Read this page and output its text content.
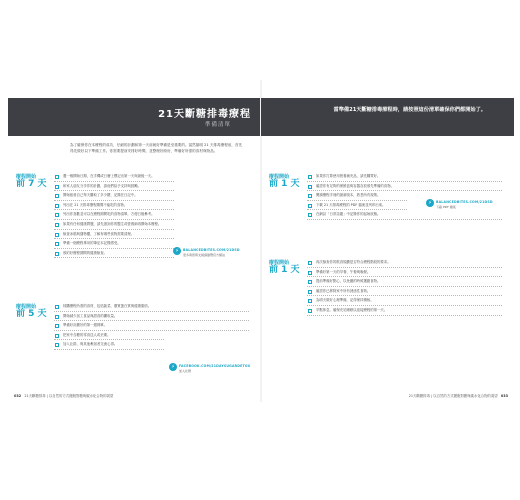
21天斷糖排毒療程
準備清單
為了確保你在本療程的成功，仔細的計劃和第一天前就好準備是至重要的。當然搞明 21 天排毒療程前，首先得先做好以下準備工作。你需要提前安排好時間，並整理好廚房，準備好所需的食材與物品。
療程開始
前 7 天
選一個開始日期，在手機或日曆上標記出第一天與最後一天。
和家人朋友分享你的計劃，請他們給予支持與鼓勵。
開始留意自己每天攝取了多少糖，記錄在日記中。
列出在 21 天排毒療程期間不能吃的食物。
列出你喜歡並可以在療程期間吃的食物清單，方便日後參考。
如果有任何健康問題，請先諮詢你的醫生或營養師再開始本療程。
檢查冰箱與儲物櫃，了解有哪些食物需要清理。
準備一個療程專用的筆記本記錄感受。
預約好療程期間的健康檢查。	⚡	BALANCEDBITES.COM/21DSD
更多資訊與支援請瀏覽官方網站
療程開始
前 5 天
採購療程所需的食材，包括蔬菜、優質蛋白質與健康脂肪。
開始減少加工食品與甜食的攝取量。
準備好計劃好的第一週餐單。
把家中含糖的零食送人或丟棄。
加入社群，與其他參加者交流心得。
⚡	FACEBOOK.COM/21DAYSUGARDETOX
加入社群
032 21天斷糖排毒 | 以自然的方式擺脫對糖與碳水化合物的渴望
當準備21天斷糖排毒療程時，請按照這份清單確保你們都開始了。
療程開始
前 1 天
如果你打算使用營養補充品，請先購買好。
確認你有足夠的保鮮盒與容器存放預先準備的食物。
閱讀療程手冊的最新版本，熟悉所有規則。
下載 21 天排毒療程的 PDF 檔案並列印出來。
在網誌「日常誌趣」中記錄你的起始狀態。
⚡	BALANCEDBITES.COM/21DSD
下載 PDF 檔案
療程開始
前 1 天
再次檢查你的飲食規劃是否符合療程階段的要求。
準備好第一天的早餐、午餐與晚餐。
提前準備好點心，以免餓的時候選錯食物。
確認你已移除家中所有誘惑性食物。
為明天做好心理準備，記得保持積極。
早點休息，確保充足睡眠以迎接療程的第一天。
21天斷糖排毒 | 以自然的方式擺脫對糖與碳水化合物的渴望 033
